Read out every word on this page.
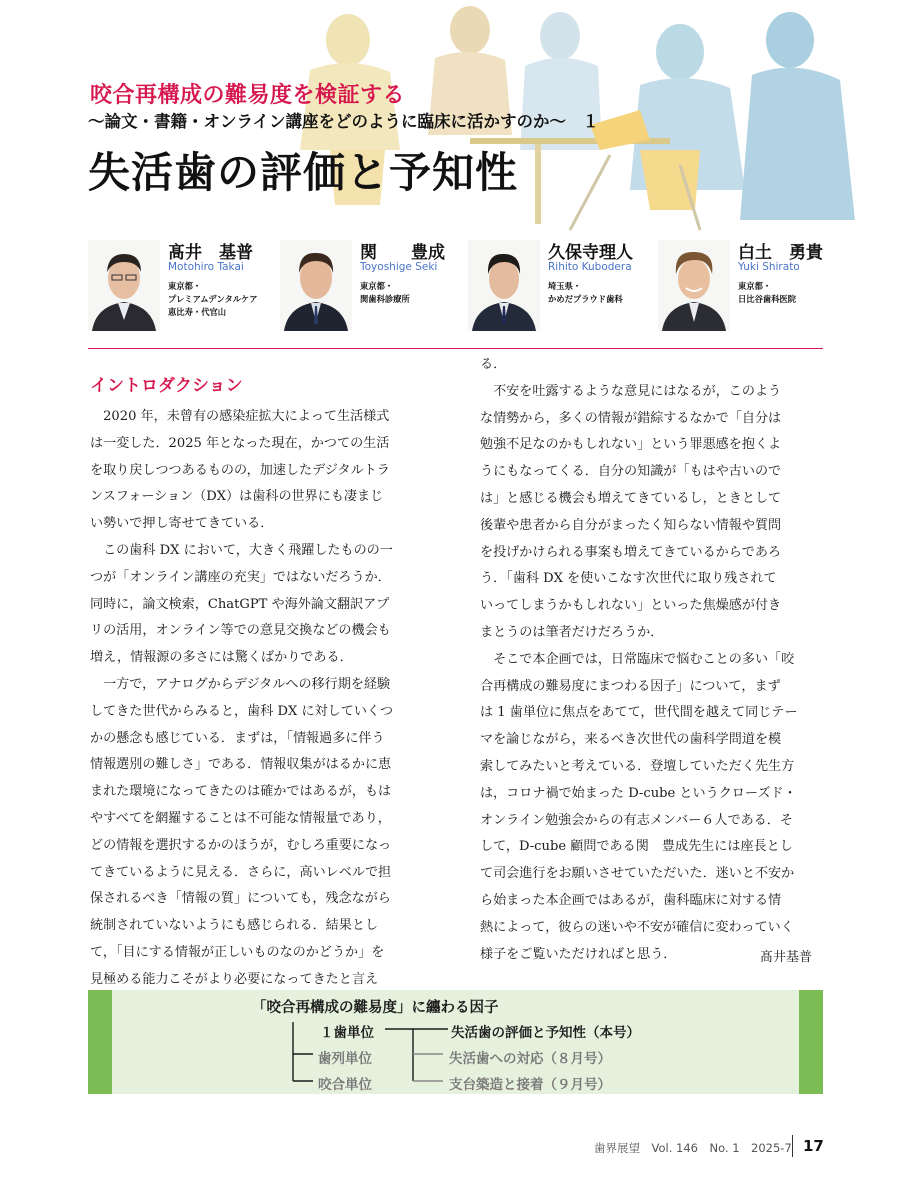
咬合再構成の難易度を検証する
〜論文・書籍・オンライン講座をどのように臨床に活かすのか〜　１
失活歯の評価と予知性
髙井　基普
Motohiro Takai
東京都・
プレミアムデンタルケア
恵比寿・代官山
関　　豊成
Toyoshige Seki
東京都・
関歯科診療所
久保寺理人
Rihito Kubodera
埼玉県・
かめだプラウド歯科
白土　勇貴
Yuki Shirato
東京都・
日比谷歯科医院
イントロダクション
　2020 年，未曾有の感染症拡大によって生活様式
は一変した．2025 年となった現在，かつての生活
を取り戻しつつあるものの，加速したデジタルトラ
ンスフォーション（DX）は歯科の世界にも凄まじ
い勢いで押し寄せてきている．
　この歯科 DX において，大きく飛躍したものの一
つが「オンライン講座の充実」ではないだろうか．
同時に，論文検索，ChatGPT や海外論文翻訳アプ
リの活用，オンライン等での意見交換などの機会も
増え，情報源の多さには驚くばかりである．
　一方で，アナログからデジタルへの移行期を経験
してきた世代からみると，歯科 DX に対していくつ
かの懸念も感じている．まずは，「情報過多に伴う
情報選別の難しさ」である．情報収集がはるかに恵
まれた環境になってきたのは確かではあるが，もは
やすべてを網羅することは不可能な情報量であり，
どの情報を選択するかのほうが，むしろ重要になっ
てきているように見える．さらに，高いレベルで担
保されるべき「情報の質」についても，残念ながら
統制されていないようにも感じられる．結果とし
て，「目にする情報が正しいものなのかどうか」を
見極める能力こそがより必要になってきたと言え
る．
　不安を吐露するような意見にはなるが，このよう
な情勢から，多くの情報が錯綜するなかで「自分は
勉強不足なのかもしれない」という罪悪感を抱くよ
うにもなってくる．自分の知識が「もはや古いので
は」と感じる機会も増えてきているし，ときとして
後輩や患者から自分がまったく知らない情報や質問
を投げかけられる事案も増えてきているからであろ
う．「歯科 DX を使いこなす次世代に取り残されて
いってしまうかもしれない」といった焦燥感が付き
まとうのは筆者だけだろうか．
　そこで本企画では，日常臨床で悩むことの多い「咬
合再構成の難易度にまつわる因子」について，まず
は 1 歯単位に焦点をあてて，世代間を越えて同じテー
マを論じながら，来るべき次世代の歯科学問道を模
索してみたいと考えている．登壇していただく先生方
は，コロナ禍で始まった D-cube というクローズド・
オンライン勉強会からの有志メンバー６人である．そ
して，D-cube 顧問である関　豊成先生には座長とし
て司会進行をお願いさせていただいた．迷いと不安か
ら始まった本企画ではあるが，歯科臨床に対する情
熱によって，彼らの迷いや不安が確信に変わっていく
様子をご覧いただければと思う．	髙井基普
「咬合再構成の難易度」に纏わる因子
１歯単位
歯列単位
咬合単位
失活歯の評価と予知性（本号）
失活歯への対応（８月号）
支台築造と接着（９月号）
歯界展望　Vol. 146　No. 1　2025-7 17
